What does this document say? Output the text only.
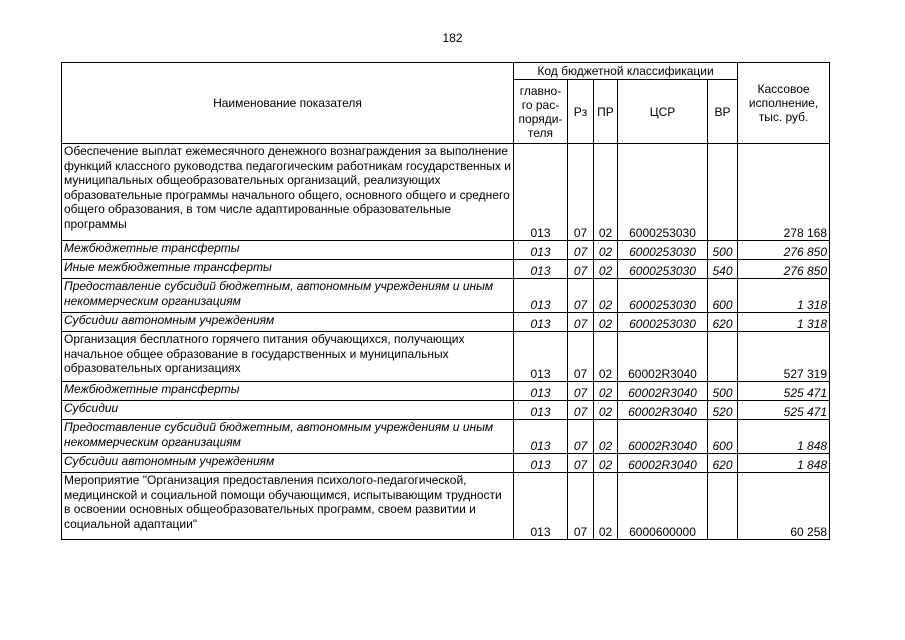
182
Наименование показателя	Код бюджетной классификации					Кассовое исполнение, тыс. руб.
	главно-го рас-поряди-теля	Рз	ПР	ЦСР	ВР	
Обеспечение выплат ежемесячного денежного вознаграждения за выполнение функций классного руководства педагогическим работникам государственных и муниципальных общеобразовательных организаций, реализующих образовательные программы начального общего, основного общего и среднего общего образования, в том числе адаптированные образовательные программы	013	07	02	6000253030		278 168
Межбюджетные трансферты	013	07	02	6000253030	500	276 850
Иные межбюджетные трансферты	013	07	02	6000253030	540	276 850
Предоставление субсидий бюджетным, автономным учреждениям и иным некоммерческим организациям	013	07	02	6000253030	600	1 318
Субсидии автономным учреждениям	013	07	02	6000253030	620	1 318
Организация бесплатного горячего питания обучающихся, получающих начальное общее образование в государственных и муниципальных образовательных организациях	013	07	02	60002R3040		527 319
Межбюджетные трансферты	013	07	02	60002R3040	500	525 471
Субсидии	013	07	02	60002R3040	520	525 471
Предоставление субсидий бюджетным, автономным учреждениям и иным некоммерческим организациям	013	07	02	60002R3040	600	1 848
Субсидии автономным учреждениям	013	07	02	60002R3040	620	1 848
Мероприятие "Организация предоставления психолого-педагогической, медицинской и социальной помощи обучающимся, испытывающим трудности в освоении основных общеобразовательных программ, своем развитии и социальной адаптации"	013	07	02	6000600000		60 258
